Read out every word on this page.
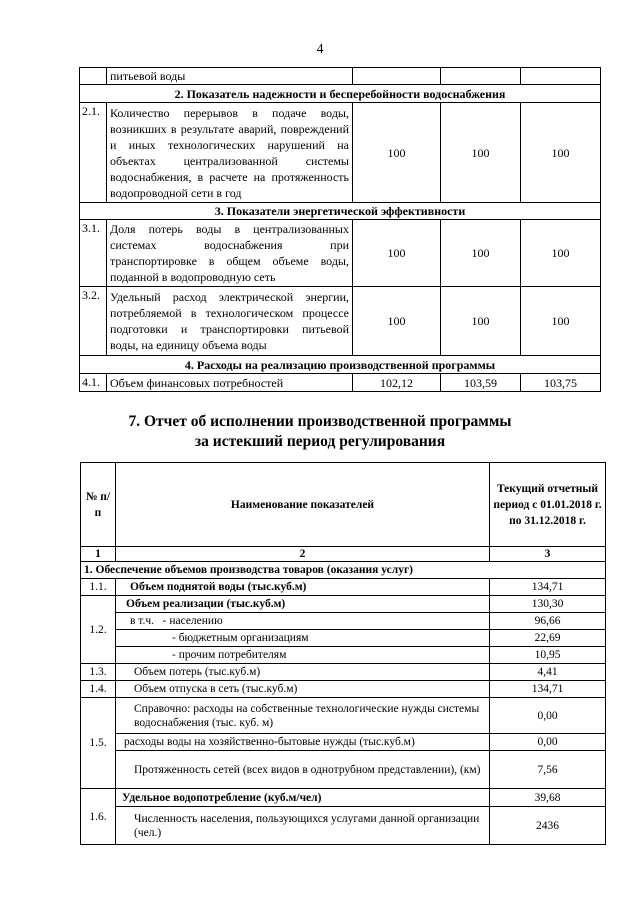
4
	питьевой воды			
2. Показатель надежности и бесперебойности водоснабжения				
2.1.	Количество перерывов в подаче воды, возникших в результате аварий, повреждений и иных технологических нарушений на объектах централизованной системы водоснабжения, в расчете на протяженность водопроводной сети в год	100	100	100
3. Показатели энергетической эффективности				
3.1.	Доля потерь воды в централизованных системах водоснабжения при транспортировке в общем объеме воды, поданной в водопроводную сеть	100	100	100
3.2.	Удельный расход электрической энергии, потребляемой в технологическом процессе подготовки и транспортировки питьевой воды, на единицу объема воды	100	100	100
4. Расходы на реализацию производственной программы				
4.1.	Объем финансовых потребностей	102,12	103,59	103,75
7. Отчет об исполнении производственной программы
за истекший период регулирования
№ п/п	Наименование показателей	Текущий отчетный период с 01.01.2018 г. по 31.12.2018 г.
1	2	3
1. Обеспечение объемов производства товаров (оказания услуг)		
1.1.	Объем поднятой воды (тыс.куб.м)	134,71
1.2.	Объем реализации (тыс.куб.м)	130,30
	в т.ч. - населению	96,66
	- бюджетным организациям	22,69
	- прочим потребителям	10,95
1.3.	Объем потерь (тыс.куб.м)	4,41
1.4.	Объем отпуска в сеть (тыс.куб.м)	134,71
1.5.	Справочно: расходы на собственные технологические нужды системы водоснабжения (тыс. куб. м)	0,00
	расходы воды на хозяйственно-бытовые нужды (тыс.куб.м)	0,00
	Протяженность сетей (всех видов в однотрубном представлении), (км)	7,56
1.6.	Удельное водопотребление (куб.м/чел)	39,68
	Численность населения, пользующихся услугами данной организации (чел.)	2436
